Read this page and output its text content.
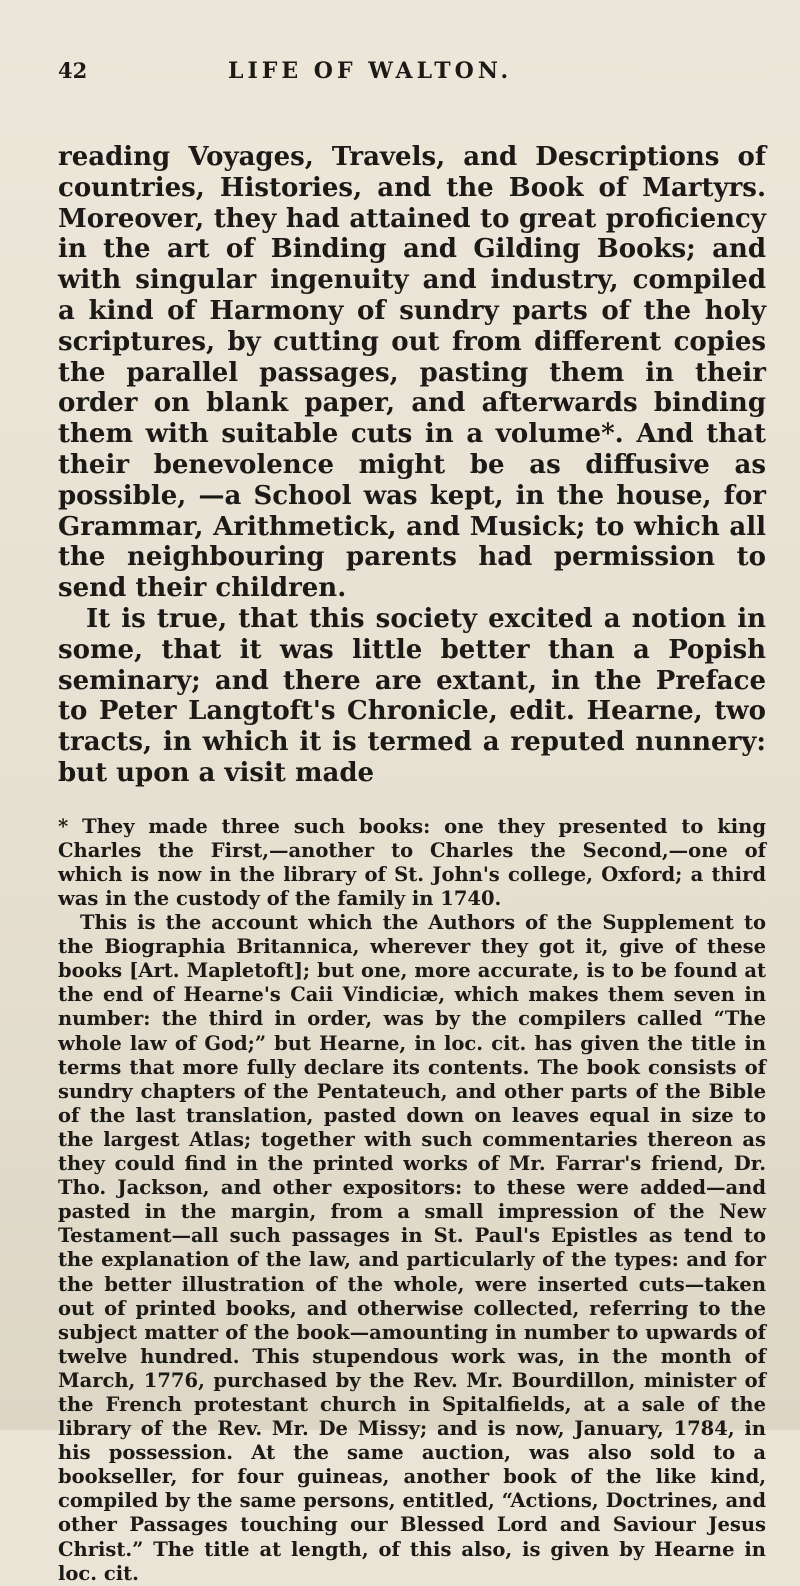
42	LIFE OF WALTON.

reading Voyages, Travels, and Descriptions of countries, Histories, and the Book of Martyrs. Moreover, they had attained to great proficiency in the art of Binding and Gilding Books; and with singular ingenuity and industry, compiled a kind of Harmony of sundry parts of the holy scriptures, by cutting out from different copies the parallel passages, pasting them in their order on blank paper, and afterwards binding them with suitable cuts in a volume*. And that their benevolence might be as diffusive as possible, —a School was kept, in the house, for Grammar, Arithmetick, and Musick; to which all the neighbouring parents had permission to send their children.

It is true, that this society excited a notion in some, that it was little better than a Popish seminary; and there are extant, in the Preface to Peter Langtoft's Chronicle, edit. Hearne, two tracts, in which it is termed a reputed nunnery: but upon a visit made

* They made three such books: one they presented to king Charles the First,—another to Charles the Second,—one of which is now in the library of St. John's college, Oxford; a third was in the custody of the family in 1740.

This is the account which the Authors of the Supplement to the Biographia Britannica, wherever they got it, give of these books [Art. Mapletoft]; but one, more accurate, is to be found at the end of Hearne's Caii Vindiciæ, which makes them seven in number: the third in order, was by the compilers called “The whole law of God;” but Hearne, in loc. cit. has given the title in terms that more fully declare its contents. The book consists of sundry chapters of the Pentateuch, and other parts of the Bible of the last translation, pasted down on leaves equal in size to the largest Atlas; together with such commentaries thereon as they could find in the printed works of Mr. Farrar's friend, Dr. Tho. Jackson, and other expositors: to these were added—and pasted in the margin, from a small impression of the New Testament—all such passages in St. Paul's Epistles as tend to the explanation of the law, and particularly of the types: and for the better illustration of the whole, were inserted cuts—taken out of printed books, and otherwise collected, referring to the subject matter of the book—amounting in number to upwards of twelve hundred. This stupendous work was, in the month of March, 1776, purchased by the Rev. Mr. Bourdillon, minister of the French protestant church in Spitalfields, at a sale of the library of the Rev. Mr. De Missy; and is now, January, 1784, in his possession. At the same auction, was also sold to a bookseller, for four guineas, another book of the like kind, compiled by the same persons, entitled, “Actions, Doctrines, and other Passages touching our Blessed Lord and Saviour Jesus Christ.” The title at length, of this also, is given by Hearne in loc. cit.
